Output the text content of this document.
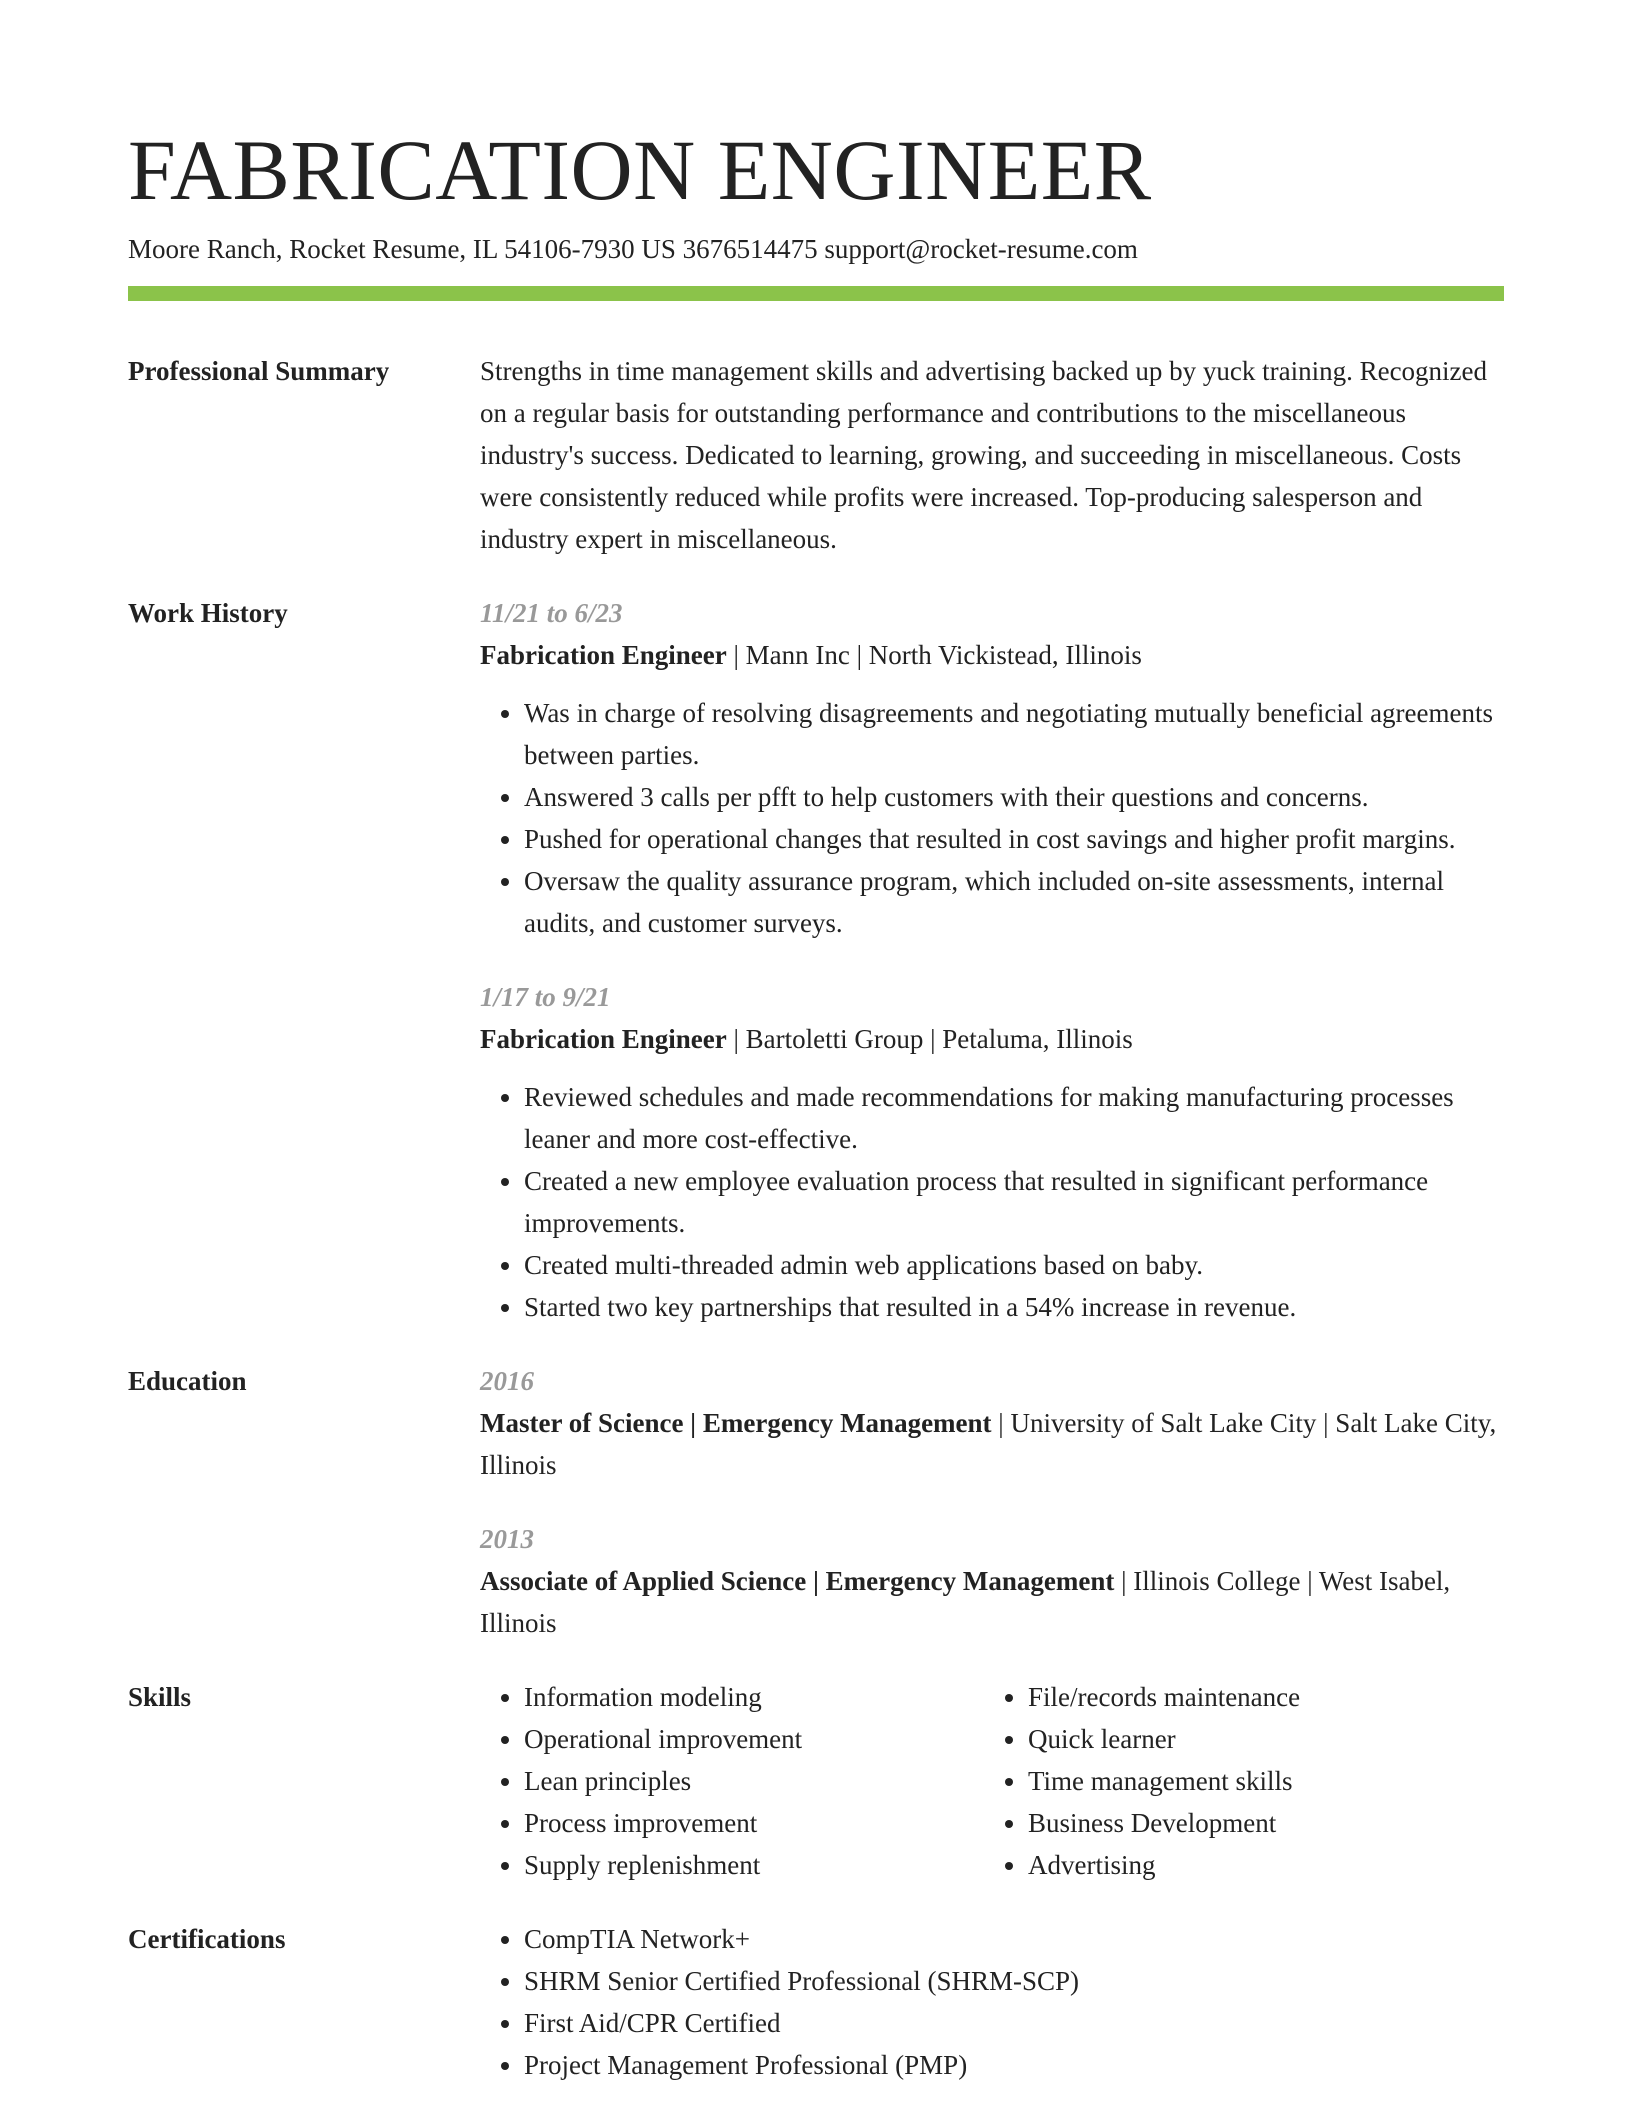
FABRICATION ENGINEER

Moore Ranch, Rocket Resume, IL 54106-7930 US 3676514475 support@rocket-resume.com

Professional Summary	Strengths in time management skills and advertising backed up by yuck training. Recognized on a regular basis for outstanding performance and contributions to the miscellaneous industry's success. Dedicated to learning, growing, and succeeding in miscellaneous. Costs were consistently reduced while profits were increased. Top-producing salesperson and industry expert in miscellaneous.

Work History	11/21 to 6/23

Fabrication Engineer | Mann Inc | North Vickistead, Illinois

• Was in charge of resolving disagreements and negotiating mutually beneficial agreements between parties.
• Answered 3 calls per pfft to help customers with their questions and concerns.
• Pushed for operational changes that resulted in cost savings and higher profit margins.
• Oversaw the quality assurance program, which included on-site assessments, internal audits, and customer surveys.

1/17 to 9/21

Fabrication Engineer | Bartoletti Group | Petaluma, Illinois

• Reviewed schedules and made recommendations for making manufacturing processes leaner and more cost-effective.
• Created a new employee evaluation process that resulted in significant performance improvements.
• Created multi-threaded admin web applications based on baby.
• Started two key partnerships that resulted in a 54% increase in revenue.

Education	2016

Master of Science | Emergency Management | University of Salt Lake City | Salt Lake City, Illinois

2013

Associate of Applied Science | Emergency Management | Illinois College | West Isabel, Illinois

Skills	• Information modeling
• Operational improvement
• Lean principles
• Process improvement
• Supply replenishment
• File/records maintenance
• Quick learner
• Time management skills
• Business Development
• Advertising

Certifications	• CompTIA Network+
• SHRM Senior Certified Professional (SHRM-SCP)
• First Aid/CPR Certified
• Project Management Professional (PMP)
